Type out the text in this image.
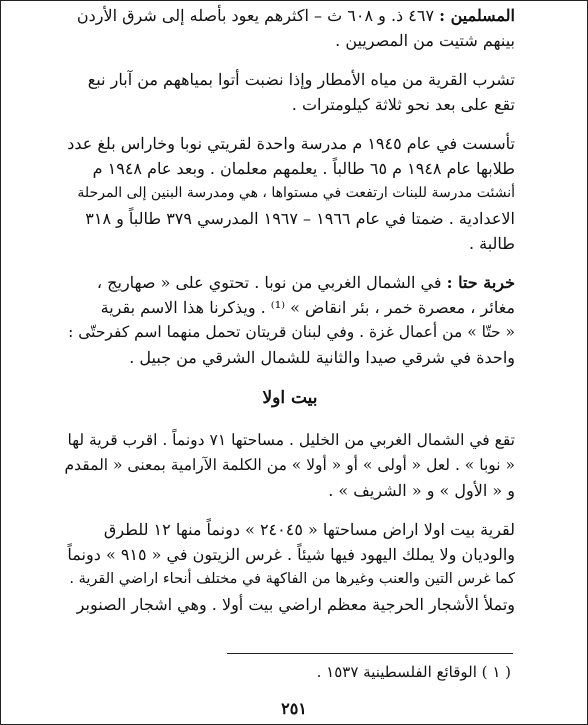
المسلمين : ٤٦٧ ذ. و ٦٠٨ ث – اكثرهم يعود بأصله إلى شرق الأردن
بينهم شتيت من المصريين .
تشرب القرية من مياه الأمطار وإذا نضبت أتوا بمياههم من آبار نبع
تقع على بعد نحو ثلاثة كيلومترات .
تأسست في عام ١٩٤٥ م مدرسة واحدة لقريتي نوبا وخاراس بلغ عدد
طلابها عام ١٩٤٨ م ٦٥ طالباً . يعلمهم معلمان . وبعد عام ١٩٤٨ م
أنشئت مدرسة للبنات ارتفعت في مستواها ، هي ومدرسة البنين إلى المرحلة
الاعدادية . ضمتا في عام ١٩٦٦ – ١٩٦٧ المدرسي ٣٧٩ طالباً و ٣١٨
طالبة .
خربة حتا : في الشمال الغربي من نوبا . تحتوي على « صهاريج ،
مغائر ، معصرة خمر ، بئر انقاض » ⁽¹⁾ . ويذكرنا هذا الاسم بقرية
« حتّا » من أعمال غزة . وفي لبنان قريتان تحمل منهما اسم كفرحتّى :
واحدة في شرقي صيدا والثانية للشمال الشرقي من جبيل .
بيت اولا
تقع في الشمال الغربي من الخليل . مساحتها ٧١ دونماً . اقرب قرية لها
« نوبا » . لعل « أولى » أو « أولا » من الكلمة الآرامية بمعنى « المقدم
و « الأول » و « الشريف » .
لقرية بيت اولا اراض مساحتها « ٢٤٠٤٥ » دونماً منها ١٢ للطرق
والوديان ولا يملك اليهود فيها شيئاً . غرس الزيتون في « ٩١٥ » دونماً
كما غرس التين والعنب وغيرها من الفاكهة في مختلف أنحاء اراضي القرية .
وتملأ الأشجار الحرجية معظم اراضي بيت أولا . وهي اشجار الصنوبر
( ١ ) الوقائع الفلسطينية ١٥٣٧ .
٢٥١
